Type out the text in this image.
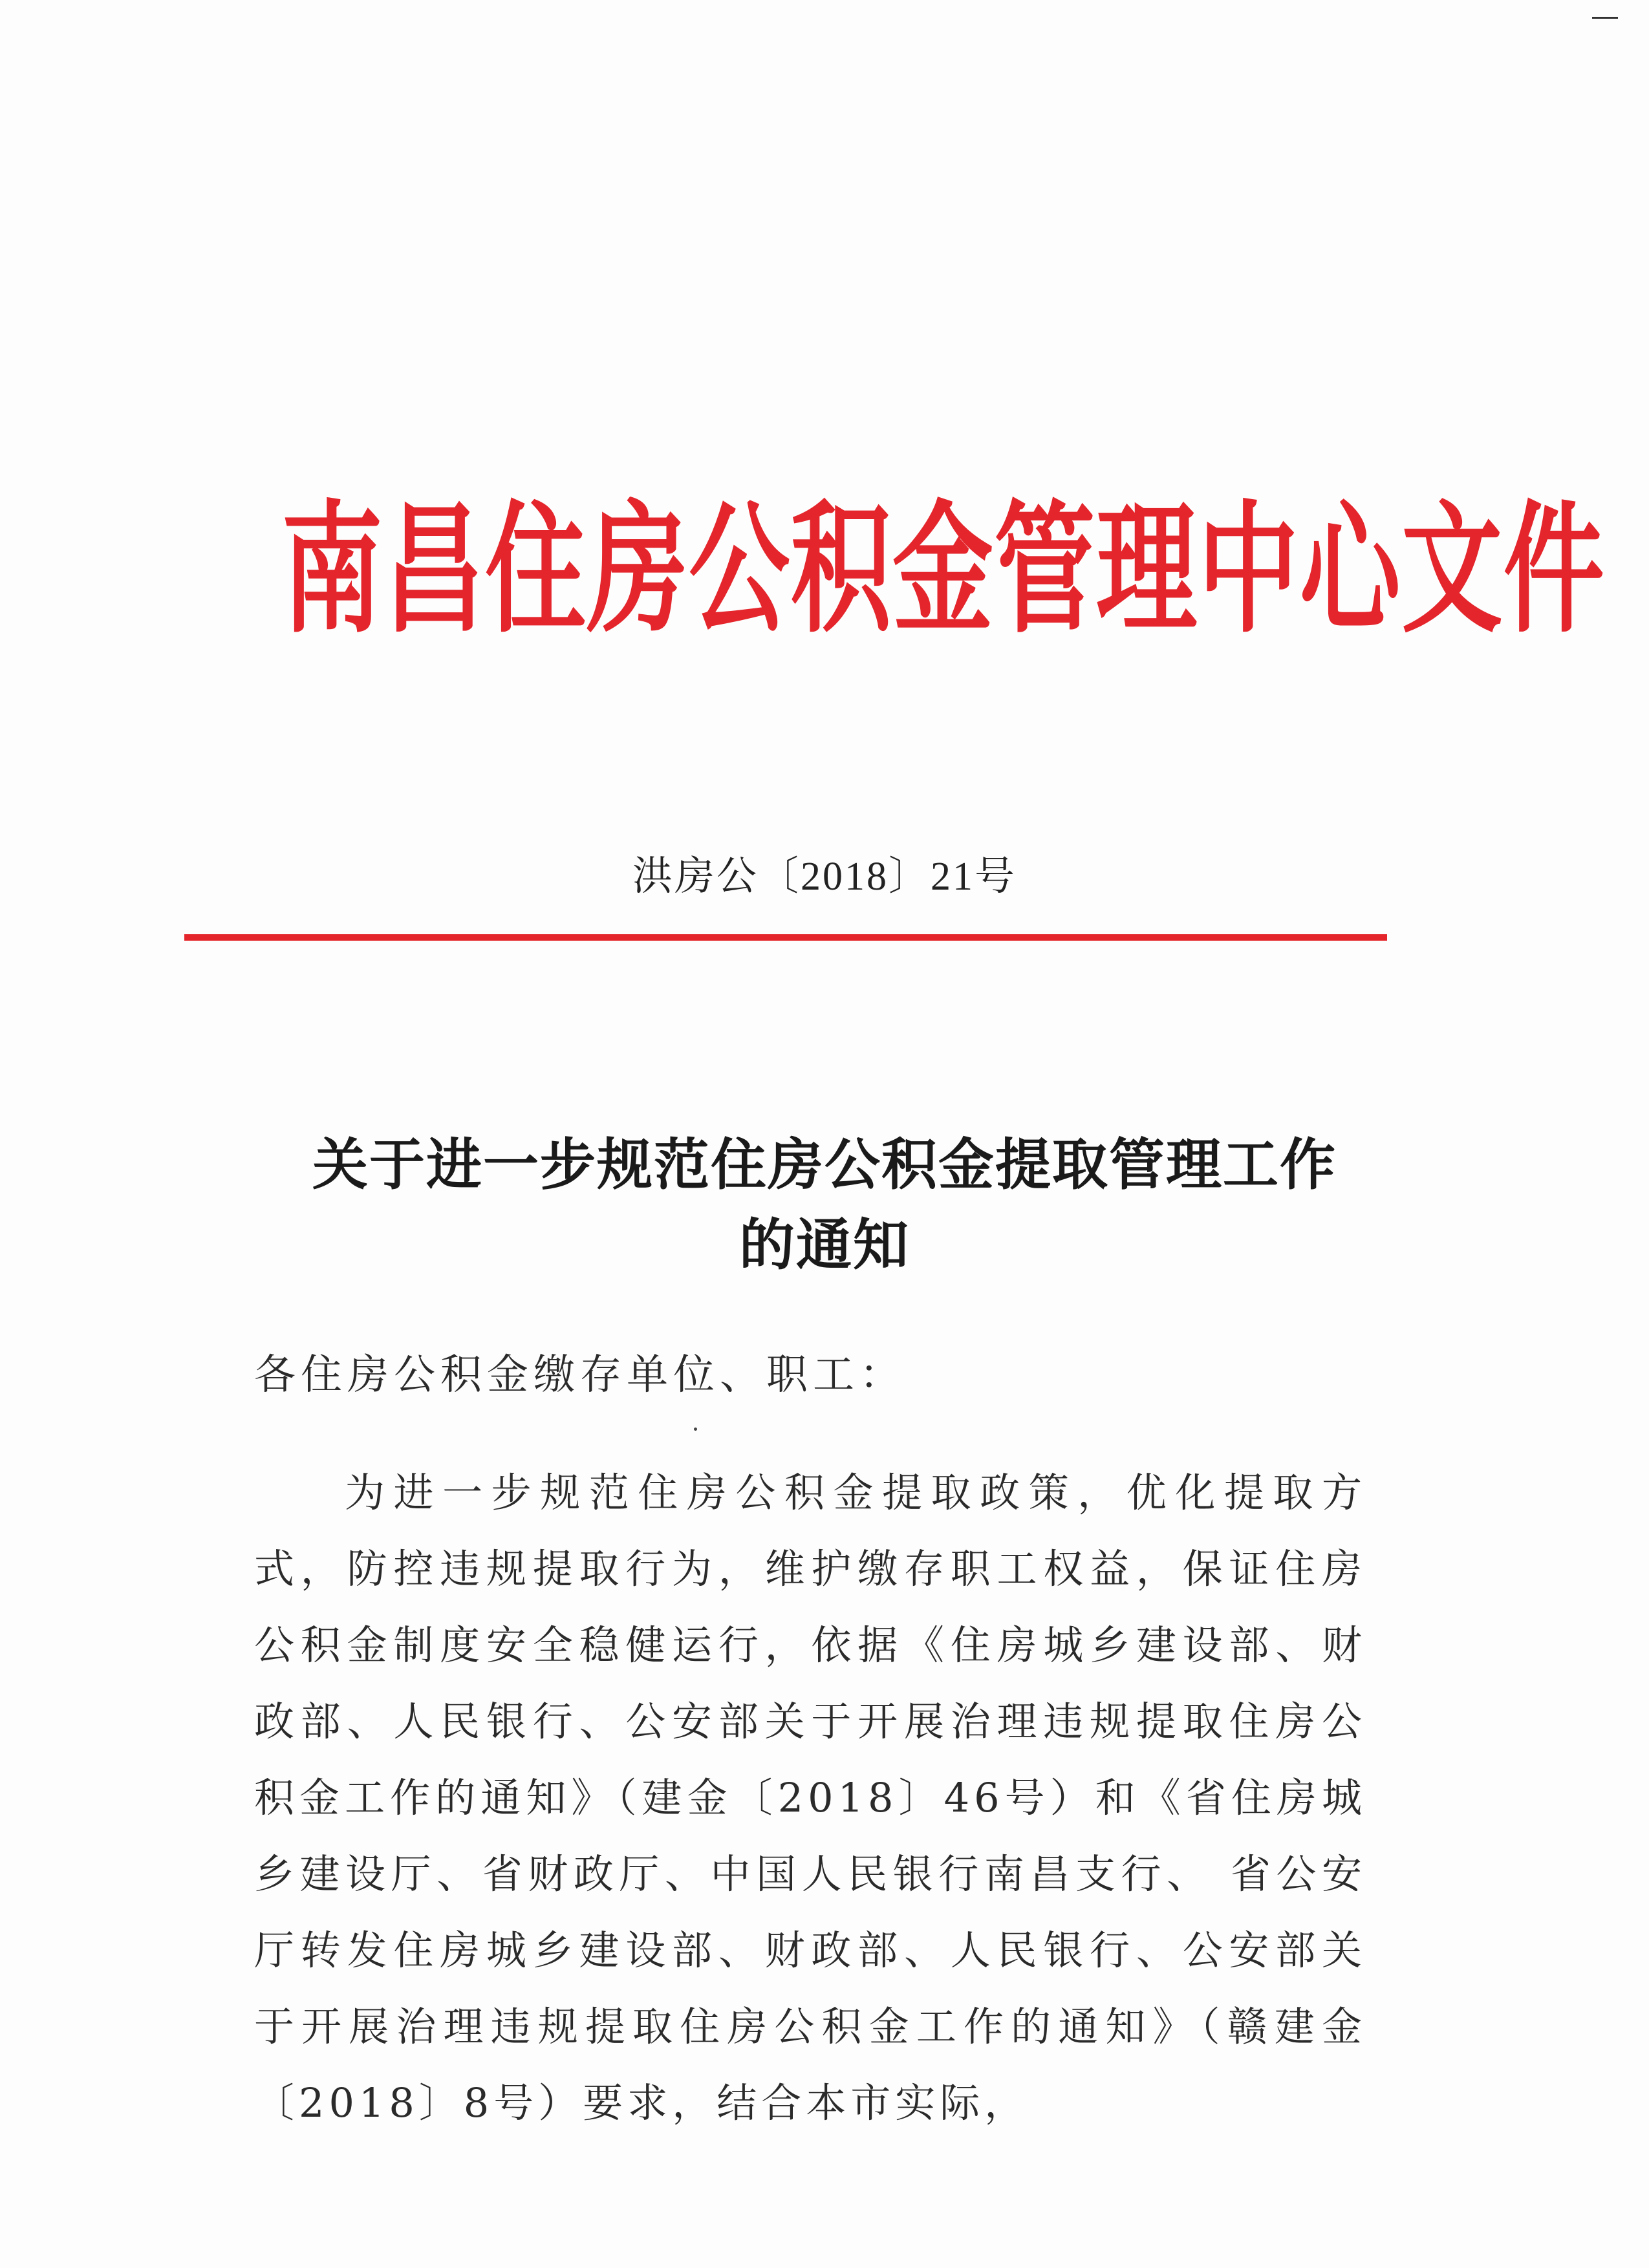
南昌住房公积金管理中心文件
洪房公〔2018〕21号
关于进一步规范住房公积金提取管理工作
的通知
各住房公积金缴存单位、职工：
为进一步规范住房公积金提取政策，优化提取方式，防控违规提取行为，维护缴存职工权益，保证住房公积金制度安全稳健运行，依据《住房城乡建设部、财政部、人民银行、公安部关于开展治理违规提取住房公积金工作的通知》（建金〔2018〕46号）和《省住房城乡建设厅、省财政厅、中国人民银行南昌支行、 省公安厅转发住房城乡建设部、财政部、人民银行、公安部关于开展治理违规提取住房公积金工作的通知》（赣建金〔2018〕8号）要求，结合本市实际，
